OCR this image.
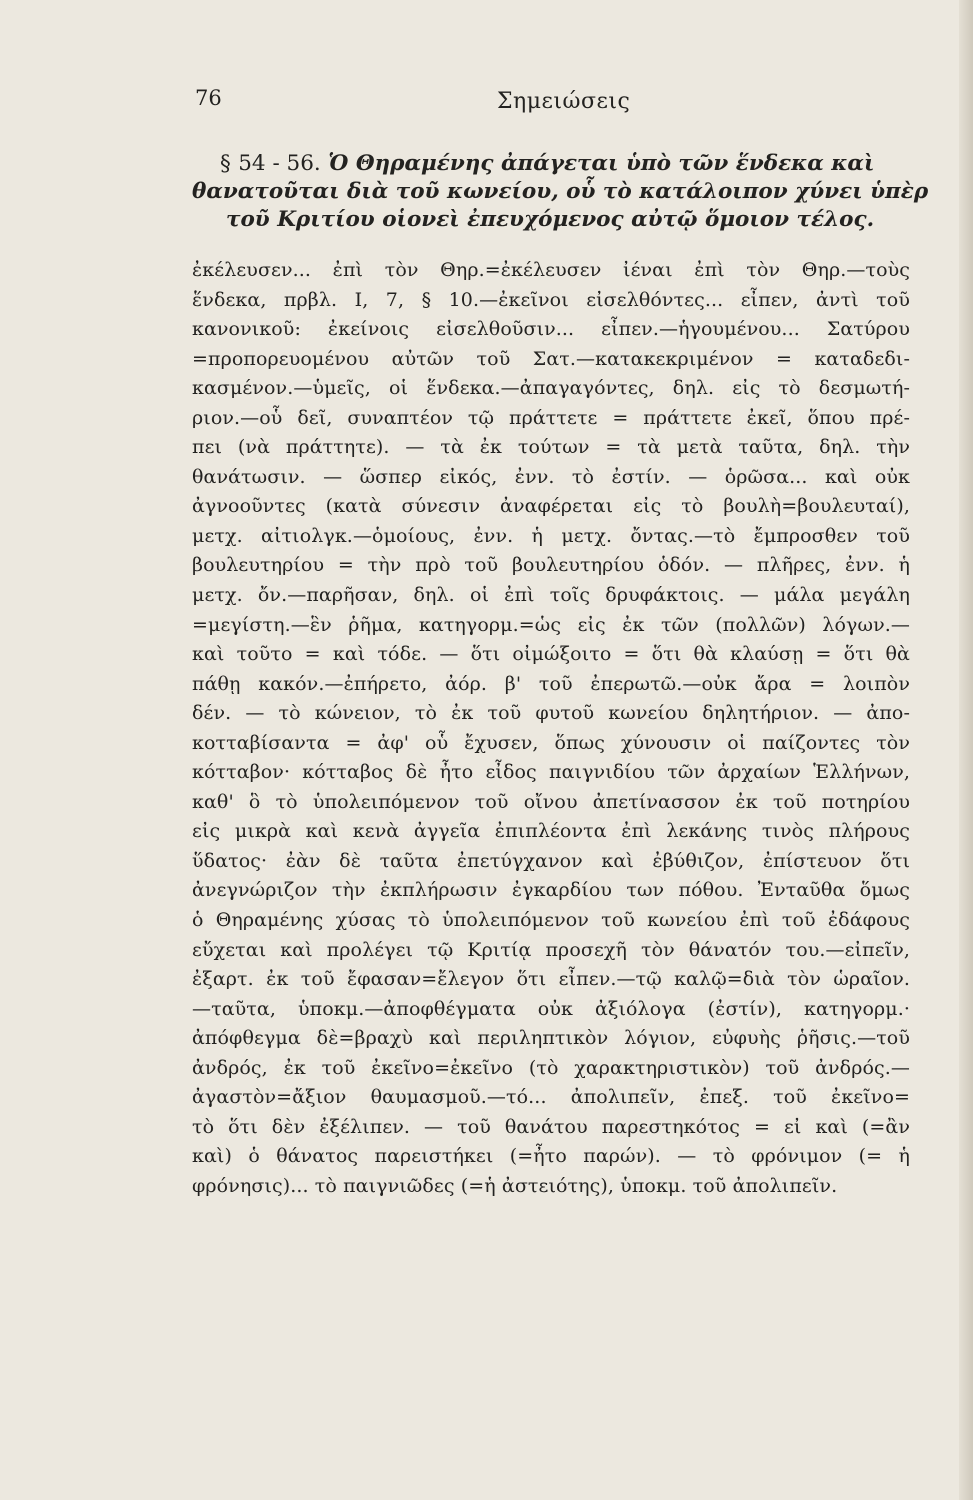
76	Σημειώσεις
§ 54 - 56. Ὁ Θηραμένης ἀπάγεται ὑπὸ τῶν ἕνδεκα καὶ
θανατοῦται διὰ τοῦ κωνείου, οὗ τὸ κατάλοιπον χύνει ὑπὲρ
τοῦ Κριτίου οἱονεὶ ἐπευχόμενος αὐτῷ ὅμοιον τέλος.
ἐκέλευσεν... ἐπὶ τὸν Θηρ.=ἐκέλευσεν ἰέναι ἐπὶ τὸν Θηρ.—τοὺς
ἕνδεκα, πρβλ. I, 7, § 10.—ἐκεῖνοι εἰσελθόντες... εἶπεν, ἀντὶ τοῦ
κανονικοῦ: ἐκείνοις εἰσελθοῦσιν... εἶπεν.—ἡγουμένου... Σατύρου
=προπορευομένου αὐτῶν τοῦ Σατ.—κατακεκριμένον = καταδεδι-
κασμένον.—ὑμεῖς, οἱ ἕνδεκα.—ἀπαγαγόντες, δηλ. εἰς τὸ δεσμωτή-
ριον.—οὗ δεῖ, συναπτέον τῷ πράττετε = πράττετε ἐκεῖ, ὅπου πρέ-
πει (νὰ πράττητε). — τὰ ἐκ τούτων = τὰ μετὰ ταῦτα, δηλ. τὴν
θανάτωσιν. — ὥσπερ εἰκός, ἐνν. τὸ ἐστίν. — ὁρῶσα... καὶ οὐκ
ἀγνοοῦντες (κατὰ σύνεσιν ἀναφέρεται εἰς τὸ βουλὴ=βουλευταί),
μετχ. αἰτιολγκ.—ὁμοίους, ἐνν. ἡ μετχ. ὄντας.—τὸ ἔμπροσθεν τοῦ
βουλευτηρίου = τὴν πρὸ τοῦ βουλευτηρίου ὁδόν. — πλῆρες, ἐνν. ἡ
μετχ. ὄν.—παρῆσαν, δηλ. οἱ ἐπὶ τοῖς δρυφάκτοις. — μάλα μεγάλη
=μεγίστη.—ἓν ῥῆμα, κατηγορμ.=ὡς εἰς ἐκ τῶν (πολλῶν) λόγων.—
καὶ τοῦτο = καὶ τόδε. — ὅτι οἰμώξοιτο = ὅτι θὰ κλαύσῃ = ὅτι θὰ
πάθῃ κακόν.—ἐπήρετο, ἀόρ. β' τοῦ ἐπερωτῶ.—οὐκ ἄρα = λοιπὸν
δέν. — τὸ κώνειον, τὸ ἐκ τοῦ φυτοῦ κωνείου δηλητήριον. — ἀπο-
κοτταβίσαντα = ἀφ' οὗ ἔχυσεν, ὅπως χύνουσιν οἱ παίζοντες τὸν
κότταβον· κότταβος δὲ ἦτο εἶδος παιγνιδίου τῶν ἀρχαίων Ἑλλήνων,
καθ' ὃ τὸ ὑπολειπόμενον τοῦ οἴνου ἀπετίνασσον ἐκ τοῦ ποτηρίου
εἰς μικρὰ καὶ κενὰ ἀγγεῖα ἐπιπλέοντα ἐπὶ λεκάνης τινὸς πλήρους
ὕδατος· ἐὰν δὲ ταῦτα ἐπετύγχανον καὶ ἐβύθιζον, ἐπίστευον ὅτι
ἀνεγνώριζον τὴν ἐκπλήρωσιν ἐγκαρδίου των πόθου. Ἐνταῦθα ὅμως
ὁ Θηραμένης χύσας τὸ ὑπολειπόμενον τοῦ κωνείου ἐπὶ τοῦ ἐδάφους
εὔχεται καὶ προλέγει τῷ Κριτίᾳ προσεχῆ τὸν θάνατόν του.—εἰπεῖν,
ἐξαρτ. ἐκ τοῦ ἔφασαν=ἔλεγον ὅτι εἶπεν.—τῷ καλῷ=διὰ τὸν ὡραῖον.
—ταῦτα, ὑποκμ.—ἀποφθέγματα οὐκ ἀξιόλογα (ἐστίν), κατηγορμ.·
ἀπόφθεγμα δὲ=βραχὺ καὶ περιληπτικὸν λόγιον, εὐφυὴς ῥῆσις.—τοῦ
ἀνδρός, ἐκ τοῦ ἐκεῖνο=ἐκεῖνο (τὸ χαρακτηριστικὸν) τοῦ ἀνδρός.—
ἀγαστὸν=ἄξιον θαυμασμοῦ.—τό... ἀπολιπεῖν, ἐπεξ. τοῦ ἐκεῖνο=
τὸ ὅτι δὲν ἐξέλιπεν. — τοῦ θανάτου παρεστηκότος = εἰ καὶ (=ἂν
καὶ) ὁ θάνατος παρειστήκει (=ἦτο παρών). — τὸ φρόνιμον (= ἡ
φρόνησις)... τὸ παιγνιῶδες (=ἡ ἀστειότης), ὑποκμ. τοῦ ἀπολιπεῖν.
